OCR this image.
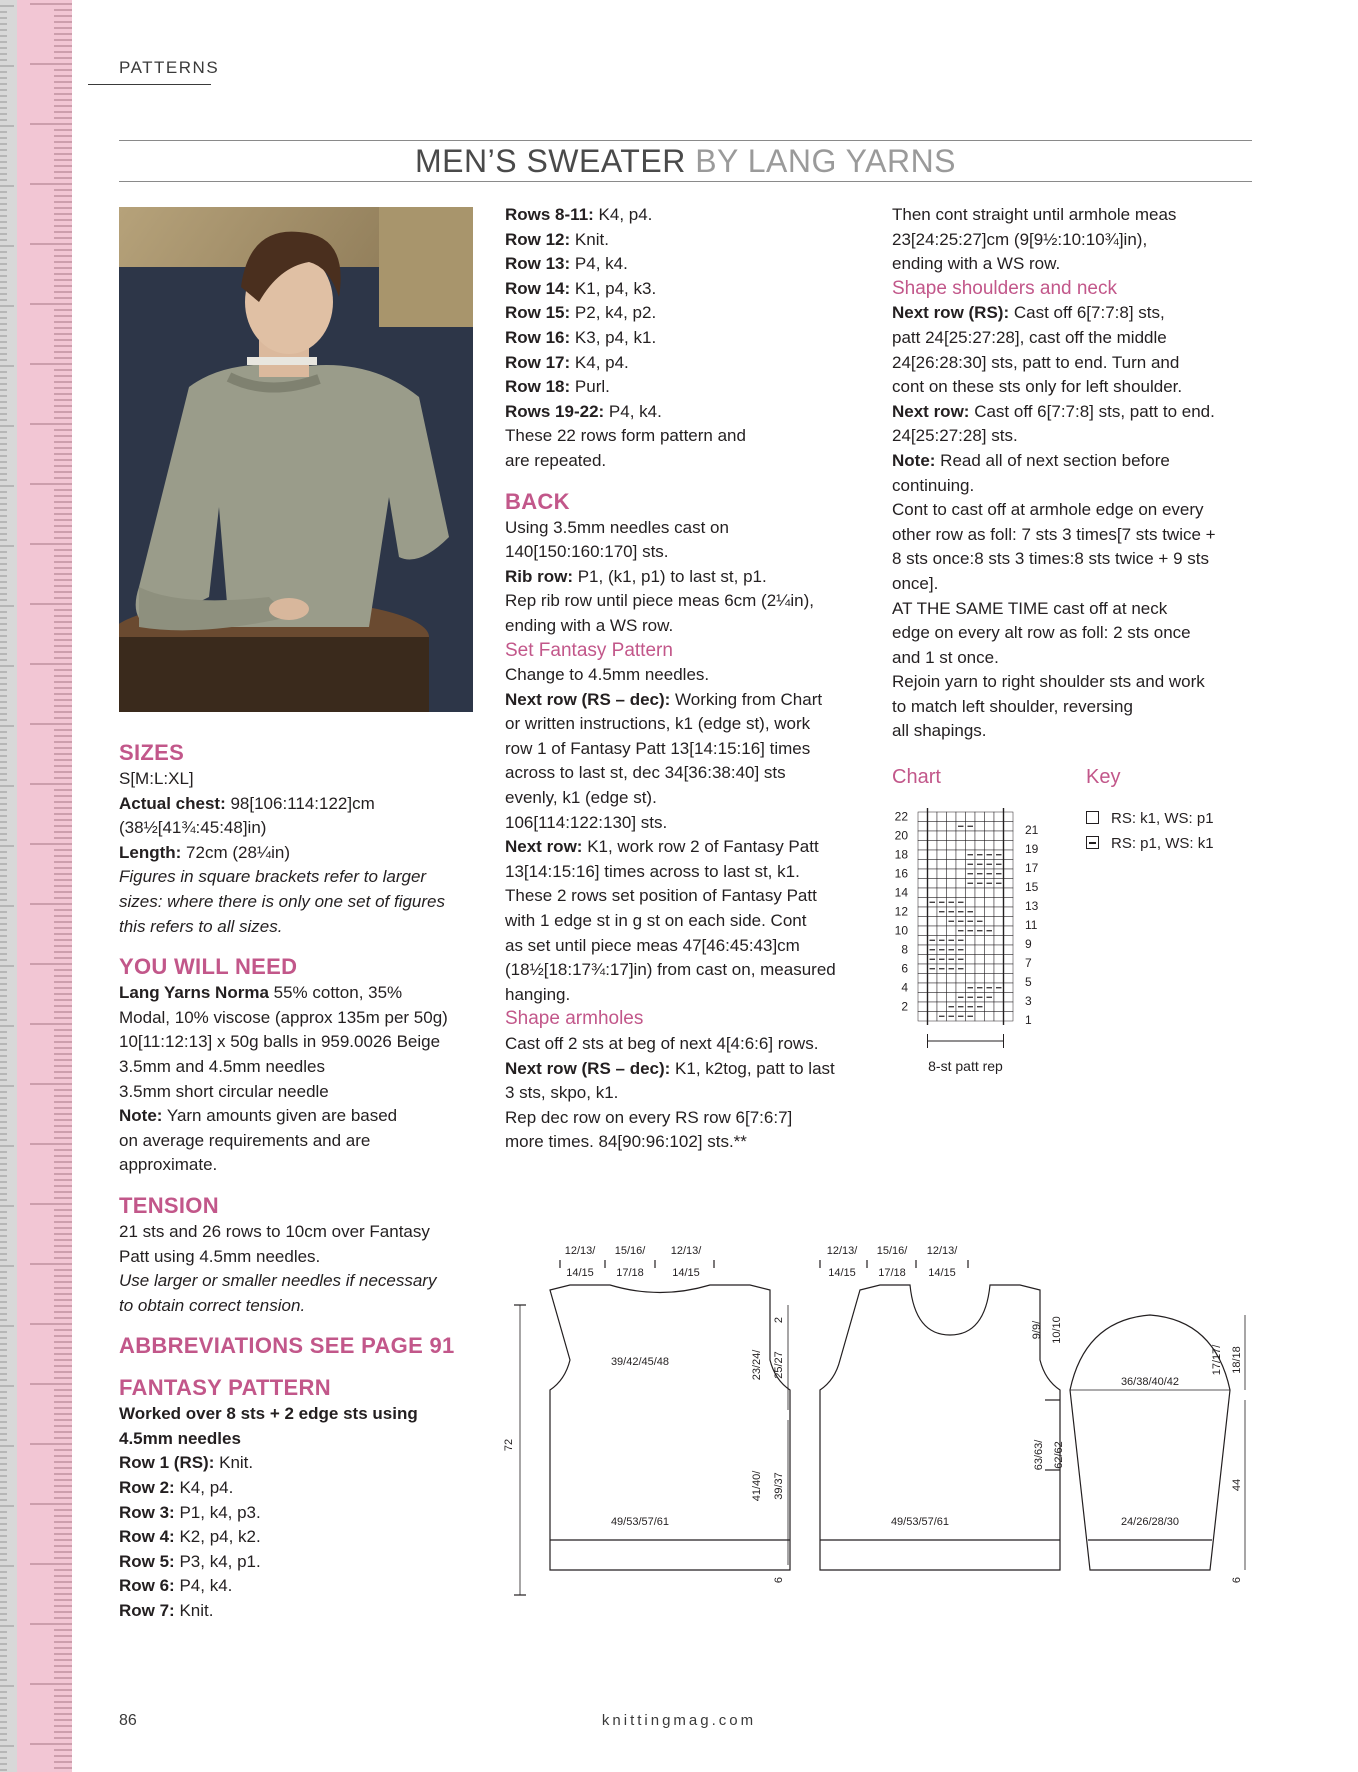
PATTERNS
MEN’S SWEATER BY LANG YARNS
SIZES

S[M:L:XL]

Actual chest: 98[106:114:122]cm

(38½[41¾:45:48]in)

Length: 72cm (28¼in)

Figures in square brackets refer to larger

sizes: where there is only one set of figures

this refers to all sizes.

YOU WILL NEED

Lang Yarns Norma 55% cotton, 35%

Modal, 10% viscose (approx 135m per 50g)

10[11:12:13] x 50g balls in 959.0026 Beige

3.5mm and 4.5mm needles

3.5mm short circular needle

Note: Yarn amounts given are based

on average requirements and are

approximate.

TENSION

21 sts and 26 rows to 10cm over Fantasy

Patt using 4.5mm needles.

Use larger or smaller needles if necessary

to obtain correct tension.

ABBREVIATIONS SEE PAGE 91
FANTASY PATTERN

Worked over 8 sts + 2 edge sts using

4.5mm needles

Row 1 (RS): Knit.

Row 2: K4, p4.

Row 3: P1, k4, p3.

Row 4: K2, p4, k2.

Row 5: P3, k4, p1.

Row 6: P4, k4.

Row 7: Knit.

Rows 8-11: K4, p4.

Row 12: Knit.

Row 13: P4, k4.

Row 14: K1, p4, k3.

Row 15: P2, k4, p2.

Row 16: K3, p4, k1.

Row 17: K4, p4.

Row 18: Purl.

Rows 19-22: P4, k4.

These 22 rows form pattern and

are repeated.

BACK

Using 3.5mm needles cast on

140[150:160:170] sts.

Rib row: P1, (k1, p1) to last st, p1.

Rep rib row until piece meas 6cm (2¼in),

ending with a WS row.

Set Fantasy Pattern

Change to 4.5mm needles.

Next row (RS – dec): Working from Chart

or written instructions, k1 (edge st), work

row 1 of Fantasy Patt 13[14:15:16] times

across to last st, dec 34[36:38:40] sts

evenly, k1 (edge st).

106[114:122:130] sts.

Next row: K1, work row 2 of Fantasy Patt

13[14:15:16] times across to last st, k1.

These 2 rows set position of Fantasy Patt

with 1 edge st in g st on each side. Cont

as set until piece meas 47[46:45:43]cm

(18½[18:17¾:17]in) from cast on, measured

hanging.

Shape armholes

Cast off 2 sts at beg of next 4[4:6:6] rows.

Next row (RS – dec): K1, k2tog, patt to last

3 sts, skpo, k1.

Rep dec row on every RS row 6[7:6:7]

more times. 84[90:96:102] sts.**

Then cont straight until armhole meas

23[24:25:27]cm (9[9½:10:10¾]in),

ending with a WS row.

Shape shoulders and neck

Next row (RS): Cast off 6[7:7:8] sts,

patt 24[25:27:28], cast off the middle

24[26:28:30] sts, patt to end. Turn and

cont on these sts only for left shoulder.

Next row: Cast off 6[7:7:8] sts, patt to end.

24[25:27:28] sts.

Note: Read all of next section before

continuing.

Cont to cast off at armhole edge on every

other row as foll: 7 sts 3 times[7 sts twice +

8 sts once:8 sts 3 times:8 sts twice + 9 sts

once].

AT THE SAME TIME cast off at neck

edge on every alt row as foll: 2 sts once

and 1 st once.

Rejoin yarn to right shoulder sts and work

to match left shoulder, reversing

all shapings.

Chart	Key
RS: k1, WS: p1
RS: p1, WS: k1
8-st patt rep
22
20
18
16
14
12
10
8
6
4
2
21
19
17
15
13
11
9
7
5
3
1
12/13/ 15/16/ 12/13/
14/15 17/18	14/15
39/42/45/48
49/53/57/61
72
2
23/24/ 25/27
41/40/ 39/37
6
12/13/ 15/16/ 12/13/
14/15 17/18 14/15
49/53/57/61
9/9/ 10/10
63/63/ 62/62
36/38/40/42
24/26/28/30
17/17/ 18/18
44
6
86	knittingmag.com
